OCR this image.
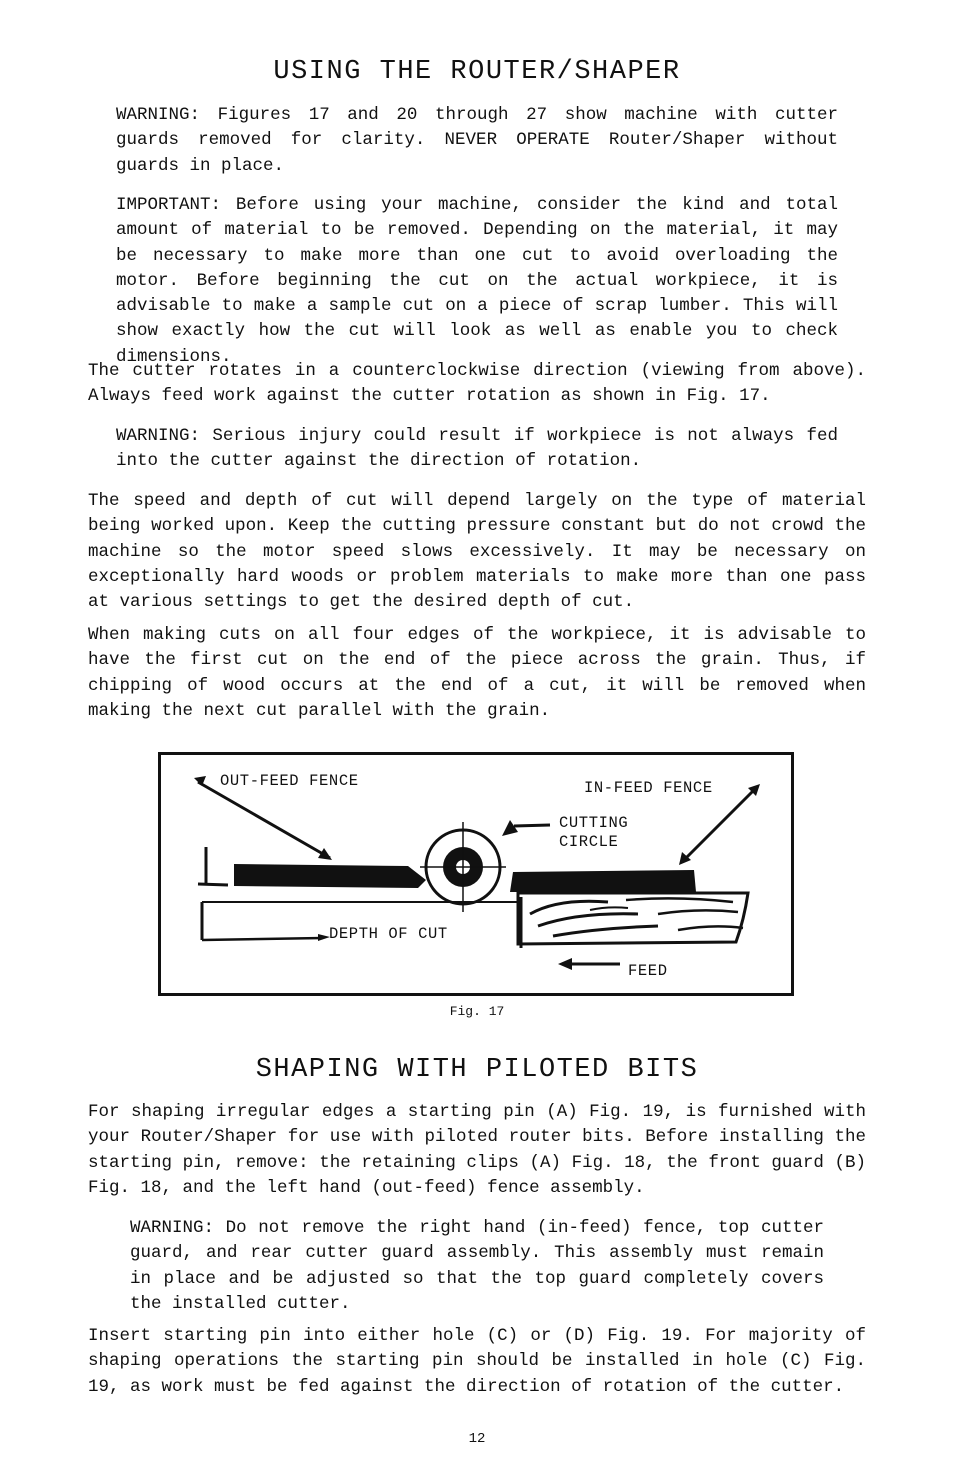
USING THE ROUTER/SHAPER

WARNING: Figures 17 and 20 through 27 show machine with cutter guards removed for clarity. NEVER OPERATE Router/Shaper without guards in place.

IMPORTANT: Before using your machine, consider the kind and total amount of material to be removed. Depending on the material, it may be necessary to make more than one cut to avoid overloading the motor. Before beginning the cut on the actual workpiece, it is advisable to make a sample cut on a piece of scrap lumber. This will show exactly how the cut will look as well as enable you to check dimensions.

The cutter rotates in a counterclockwise direction (viewing from above). Always feed work against the cutter rotation as shown in Fig. 17.

WARNING: Serious injury could result if workpiece is not always fed into the cutter against the direction of rotation.

The speed and depth of cut will depend largely on the type of material being worked upon. Keep the cutting pressure constant but do not crowd the machine so the motor speed slows excessively. It may be necessary on exceptionally hard woods or problem materials to make more than one pass at various settings to get the desired depth of cut.

When making cuts on all four edges of the workpiece, it is advisable to have the first cut on the end of the piece across the grain. Thus, if chipping of wood occurs at the end of a cut, it will be removed when making the next cut parallel with the grain.

OUT-FEED FENCE	IN-FEED FENCE
CUTTING
CIRCLE
DEPTH OF CUT
FEED
Fig. 17
SHAPING WITH PILOTED BITS

For shaping irregular edges a starting pin (A) Fig. 19, is furnished with your Router/Shaper for use with piloted router bits. Before installing the starting pin, remove: the retaining clips (A) Fig. 18, the front guard (B) Fig. 18, and the left hand (out-feed) fence assembly.

WARNING: Do not remove the right hand (in-feed) fence, top cutter guard, and rear cutter guard assembly. This assembly must remain in place and be adjusted so that the top guard completely covers the installed cutter.

Insert starting pin into either hole (C) or (D) Fig. 19. For majority of shaping operations the starting pin should be installed in hole (C) Fig. 19, as work must be fed against the direction of rotation of the cutter.

12
